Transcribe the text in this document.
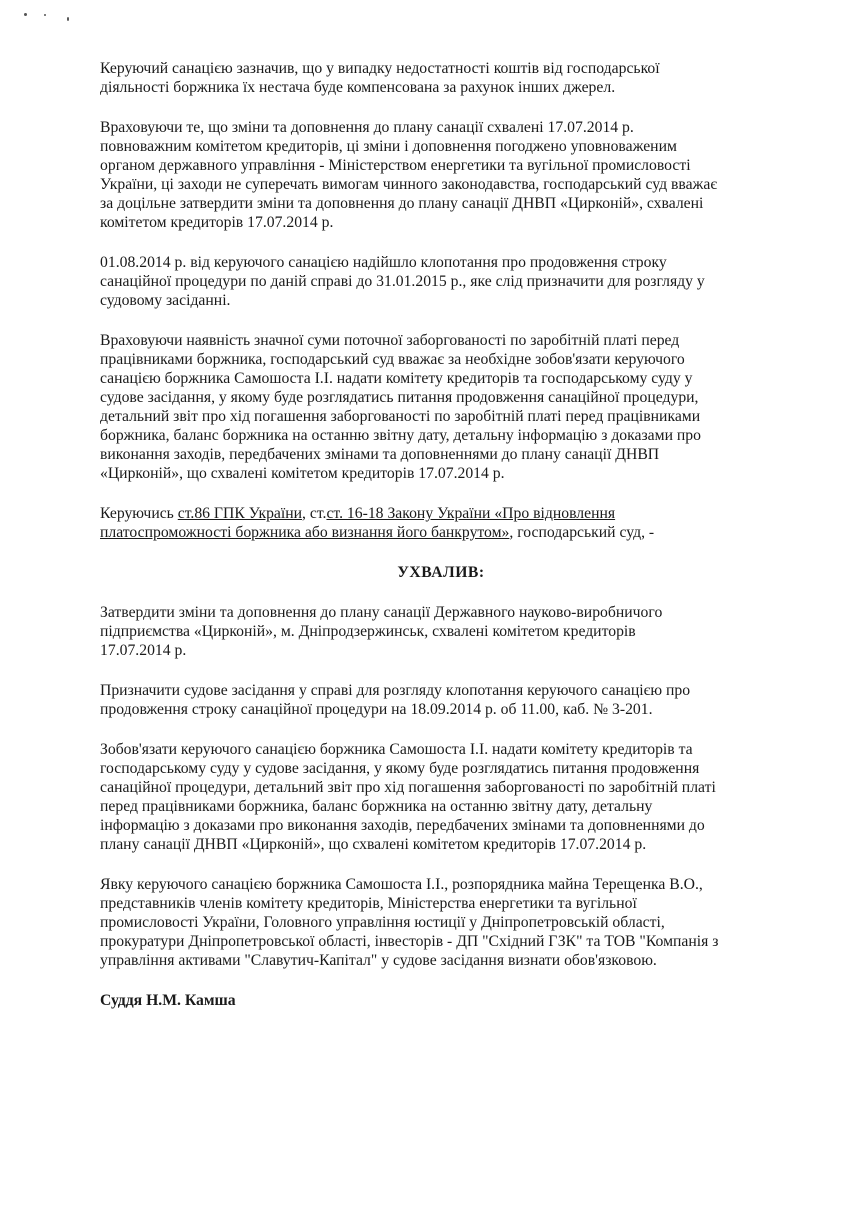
Керуючий санацією зазначив, що у випадку недостатності коштів від господарської
діяльності боржника їх нестача буде компенсована за рахунок інших джерел.
Враховуючи те, що зміни та доповнення до плану санації схвалені 17.07.2014 р.
повноважним комітетом кредиторів, ці зміни і доповнення погоджено уповноваженим
органом державного управління - Міністерством енергетики та вугільної промисловості
України, ці заходи не суперечать вимогам чинного законодавства, господарський суд вважає
за доцільне затвердити зміни та доповнення до плану санації ДНВП «Цирконій», схвалені
комітетом кредиторів 17.07.2014 р.
01.08.2014 р. від керуючого санацією надійшло клопотання про продовження строку
санаційної процедури по даній справі до 31.01.2015 р., яке слід призначити для розгляду у
судовому засіданні.
Враховуючи наявність значної суми поточної заборгованості по заробітній платі перед
працівниками боржника, господарський суд вважає за необхідне зобов'язати керуючого
санацією боржника Самошоста І.І. надати комітету кредиторів та господарському суду у
судове засідання, у якому буде розглядатись питання продовження санаційної процедури,
детальний звіт про хід погашення заборгованості по заробітній платі перед працівниками
боржника, баланс боржника на останню звітну дату, детальну інформацію з доказами про
виконання заходів, передбачених змінами та доповненнями до плану санації ДНВП
«Цирконій», що схвалені комітетом кредиторів 17.07.2014 р.
Керуючись ст.86 ГПК України, ст.ст. 16-18 Закону України «Про відновлення
платоспроможності боржника або визнання його банкрутом», господарський суд, -
УХВАЛИВ:
Затвердити зміни та доповнення до плану санації Державного науково-виробничого
підприємства «Цирконій», м. Дніпродзержинськ, схвалені комітетом кредиторів
17.07.2014 р.
Призначити судове засідання у справі для розгляду клопотання керуючого санацією про
продовження строку санаційної процедури на 18.09.2014 р. об 11.00, каб. № 3-201.
Зобов'язати керуючого санацією боржника Самошоста І.І. надати комітету кредиторів та
господарському суду у судове засідання, у якому буде розглядатись питання продовження
санаційної процедури, детальний звіт про хід погашення заборгованості по заробітній платі
перед працівниками боржника, баланс боржника на останню звітну дату, детальну
інформацію з доказами про виконання заходів, передбачених змінами та доповненнями до
плану санації ДНВП «Цирконій», що схвалені комітетом кредиторів 17.07.2014 р.
Явку керуючого санацією боржника Самошоста І.І., розпорядника майна Терещенка В.О.,
представників членів комітету кредиторів, Міністерства енергетики та вугільної
промисловості України, Головного управління юстиції у Дніпропетровській області,
прокуратури Дніпропетровської області, інвесторів - ДП "Східний ГЗК" та ТОВ "Компанія з
управління активами "Славутич-Капітал" у судове засідання визнати обов'язковою.
Суддя Н.М. Камша
